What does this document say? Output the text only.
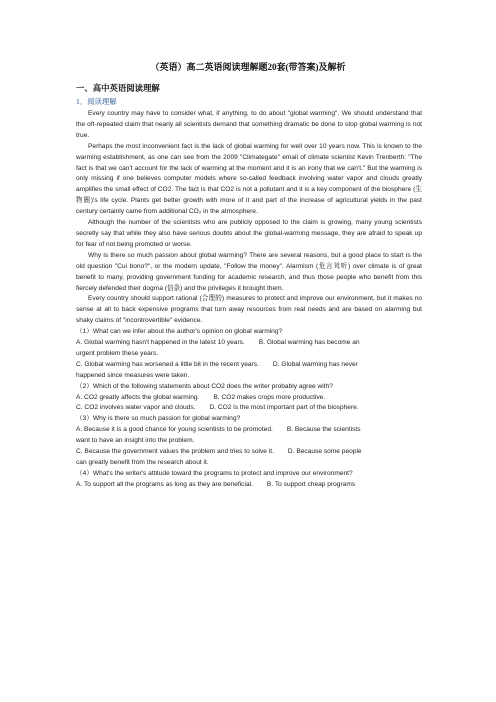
（英语）高二英语阅读理解题20套(带答案)及解析
一、高中英语阅读理解
1．阅读理解

Every country may have to consider what, if anything, to do about "global warming". We should understand that the oft-repeated claim that nearly all scientists demand that something dramatic be done to stop global warming is not true.

Perhaps the most inconvenient fact is the lack of global warming for well over 10 years now. This is known to the warming establishment, as one can see from the 2009 "Climategate" email of climate scientist Kevin Trenberth: "The fact is that we can't account for the lack of warming at the moment and it is an irony that we can't." But the warming is only missing if one believes computer models where so-called feedback involving water vapor and clouds greatly amplifies the small effect of CO2. The fact is that CO2 is not a pollutant and it is a key component of the biosphere (生物圈)'s life cycle. Plants get better growth with more of it and part of the increase of agricultural yields in the past century certainly came from additional CO₂ in the atmosphere.

Although the number of the scientists who are publicly opposed to the claim is growing, many young scientists secretly say that while they also have serious doubts about the global-warming message, they are afraid to speak up for fear of not being promoted or worse.

Why is there so much passion about global warming? There are several reasons, but a good place to start is the old question "Cui bono?", or the modern update, "Follow the money". Alarmism (危言耸听) over climate is of great benefit to many, providing government funding for academic research, and thus those people who benefit from this fiercely defended their dogma (信条) and the privileges it brought them.

Every country should support rational (合理的) measures to protect and improve our environment, but it makes no sense at all to back expensive programs that turn away resources from real needs and are based on alarming but shaky claims of "incontrovertible" evidence.

（1）What can we infer about the author's opinion on global warming?

A. Global warming hasn't happened in the latest 10 years. B. Global warming has become an

urgent problem these years.

C. Global warming has worsened a little bit in the recent years. D. Global warming has never

happened since measures were taken.

（2）Which of the following statements about CO2 does the writer probably agree with?

A. CO2 greatly affects the global warming. B. CO2 makes crops more productive.

C. CO2 involves water vapor and clouds. D. CO2 is the most important part of the biosphere.

（3）Why is there so much passion for global warming?

A. Because it is a good chance for young scientists to be promoted. B. Because the scientists

want to have an insight into the problem.

C. Because the government values the problem and tries to solve it. D. Because some people

can greatly benefit from the research about it.

（4）What's the writer's attitude toward the programs to protect and improve our environment?

A. To support all the programs as long as they are beneficial. B. To support cheap programs
